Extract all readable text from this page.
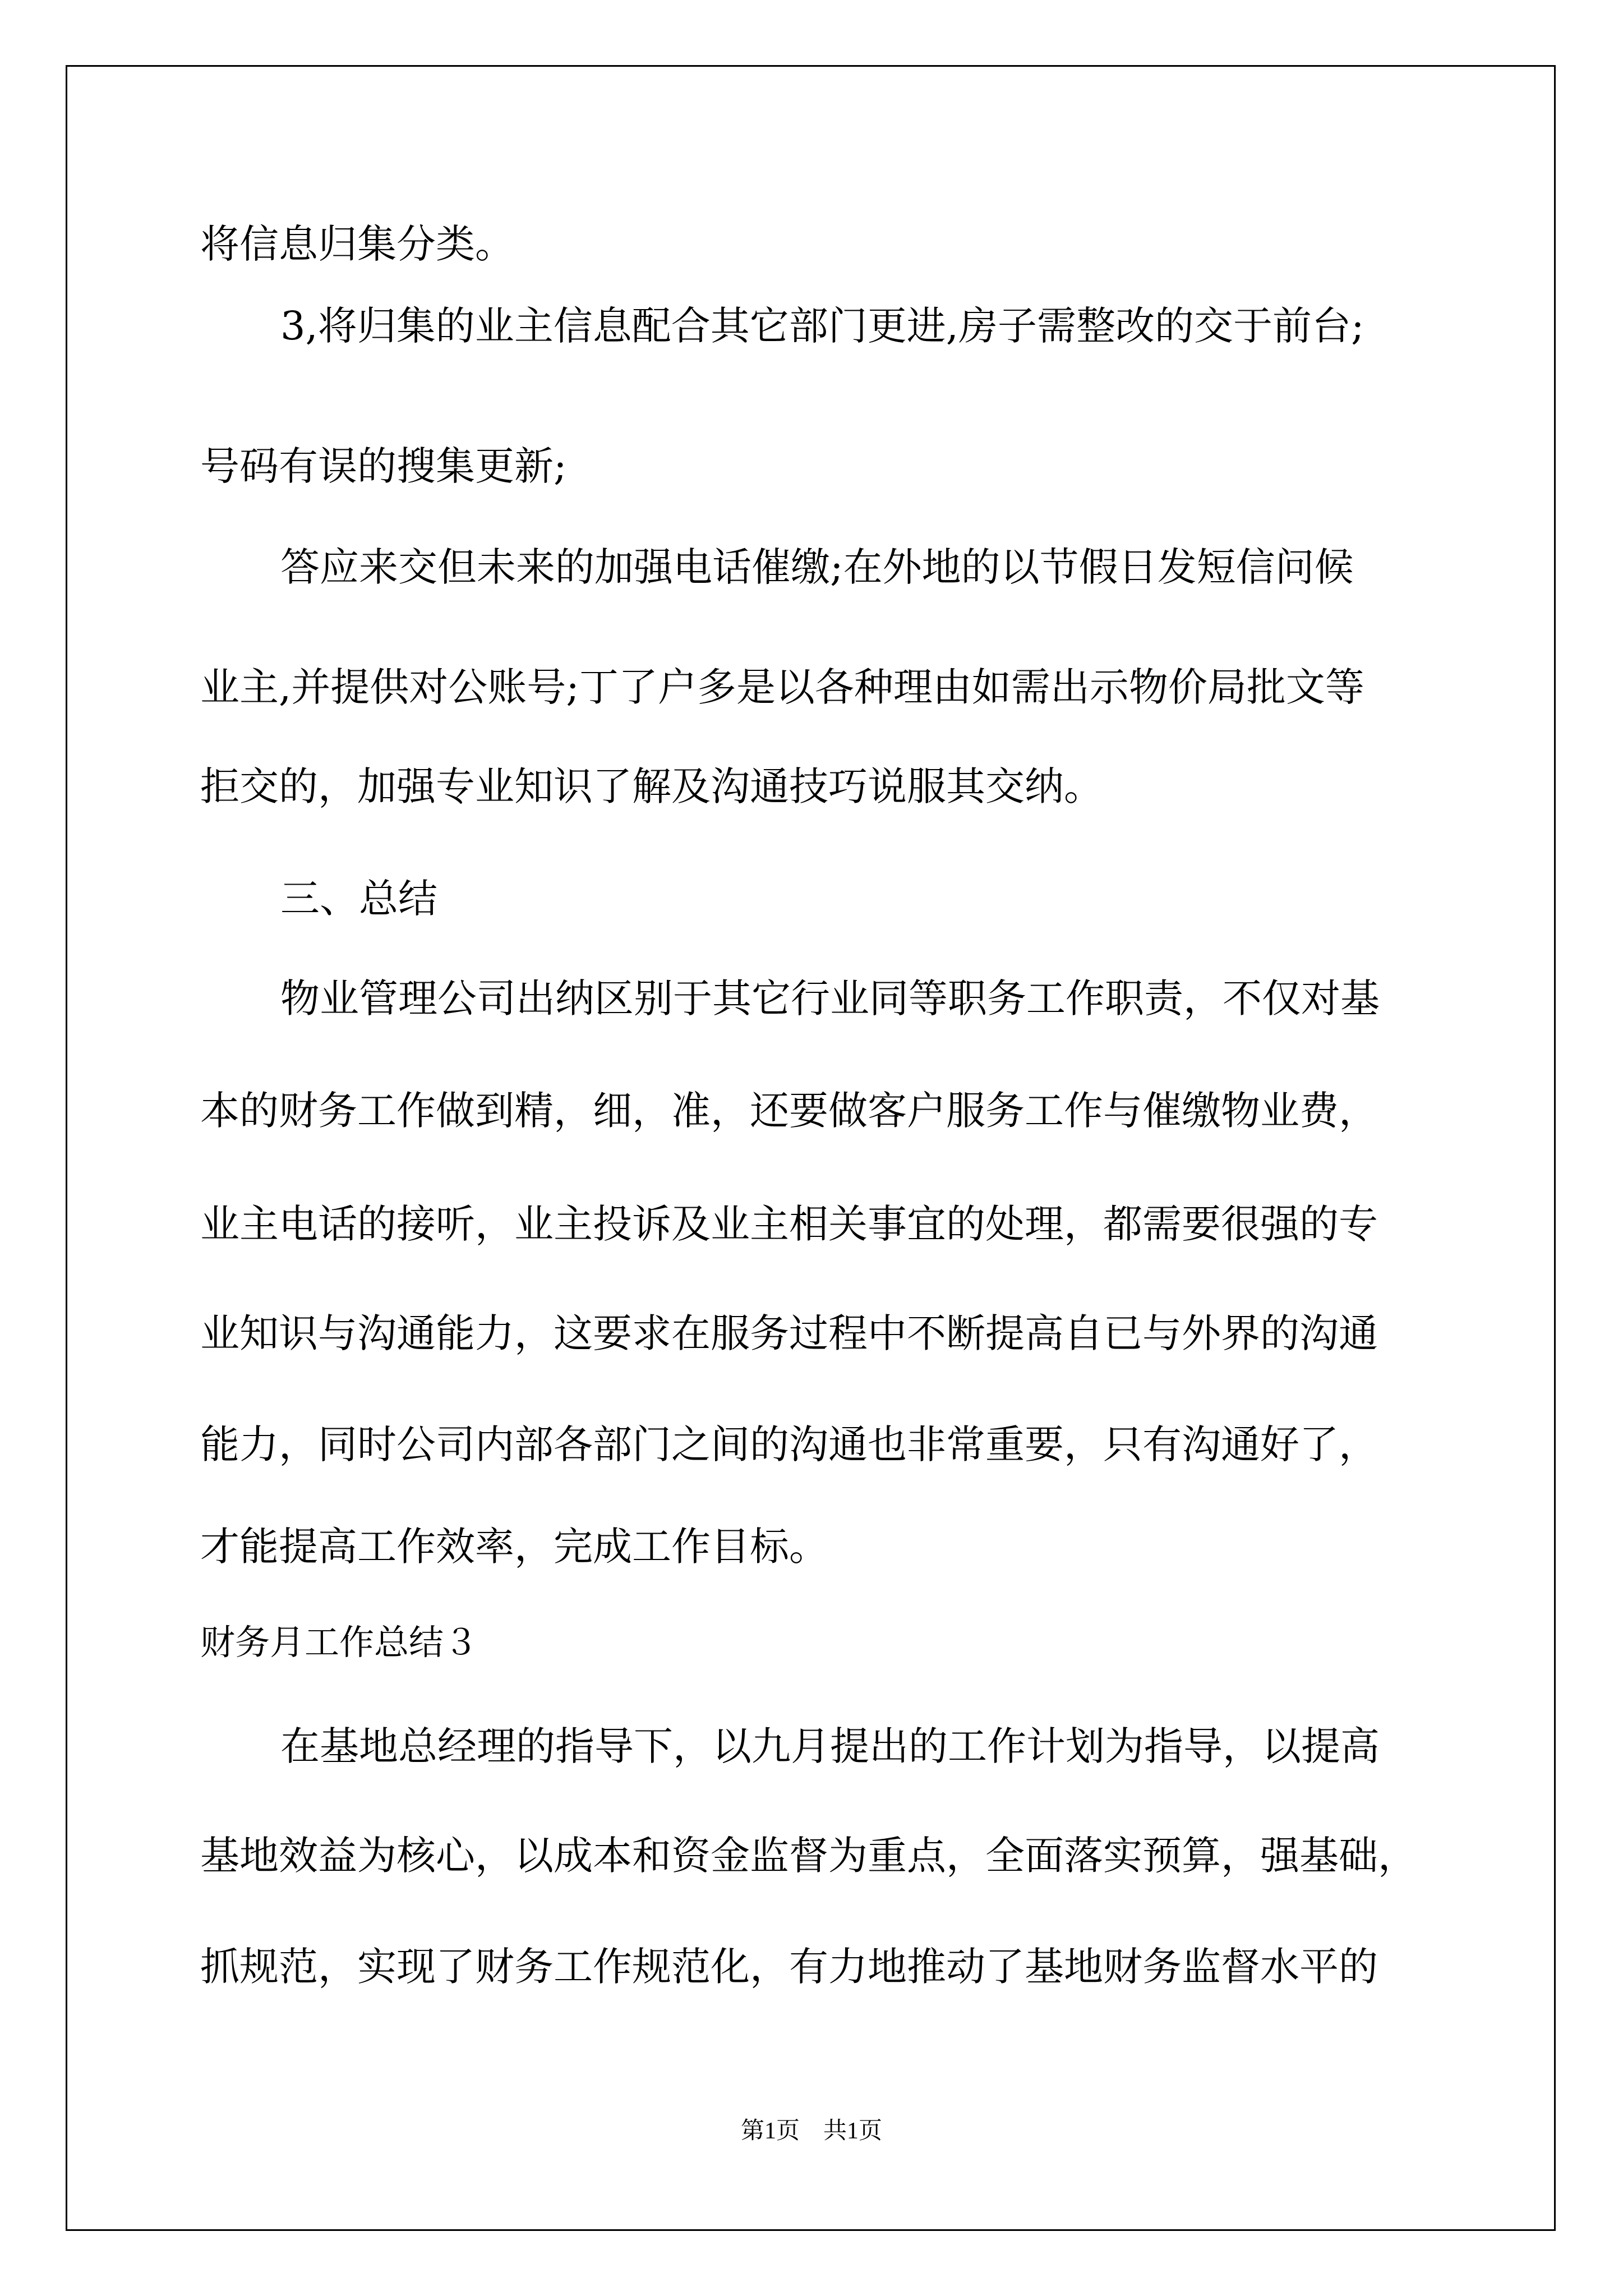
将信息归集分类。
3,将归集的业主信息配合其它部门更进,房子需整改的交于前台;
号码有误的搜集更新;
答应来交但未来的加强电话催缴;在外地的以节假日发短信问候
业主,并提供对公账号;丁了户多是以各种理由如需出示物价局批文等
拒交的，加强专业知识了解及沟通技巧说服其交纳。
三、总结
物业管理公司出纳区别于其它行业同等职务工作职责，不仅对基
本的财务工作做到精，细，准，还要做客户服务工作与催缴物业费，
业主电话的接听，业主投诉及业主相关事宜的处理，都需要很强的专
业知识与沟通能力，这要求在服务过程中不断提高自已与外界的沟通
能力，同时公司内部各部门之间的沟通也非常重要，只有沟通好了，
才能提高工作效率，完成工作目标。
财务月工作总结３
在基地总经理的指导下，以九月提出的工作计划为指导，以提高
基地效益为核心，以成本和资金监督为重点，全面落实预算，强基础，
抓规范，实现了财务工作规范化，有力地推动了基地财务监督水平的
第1页　共1页
